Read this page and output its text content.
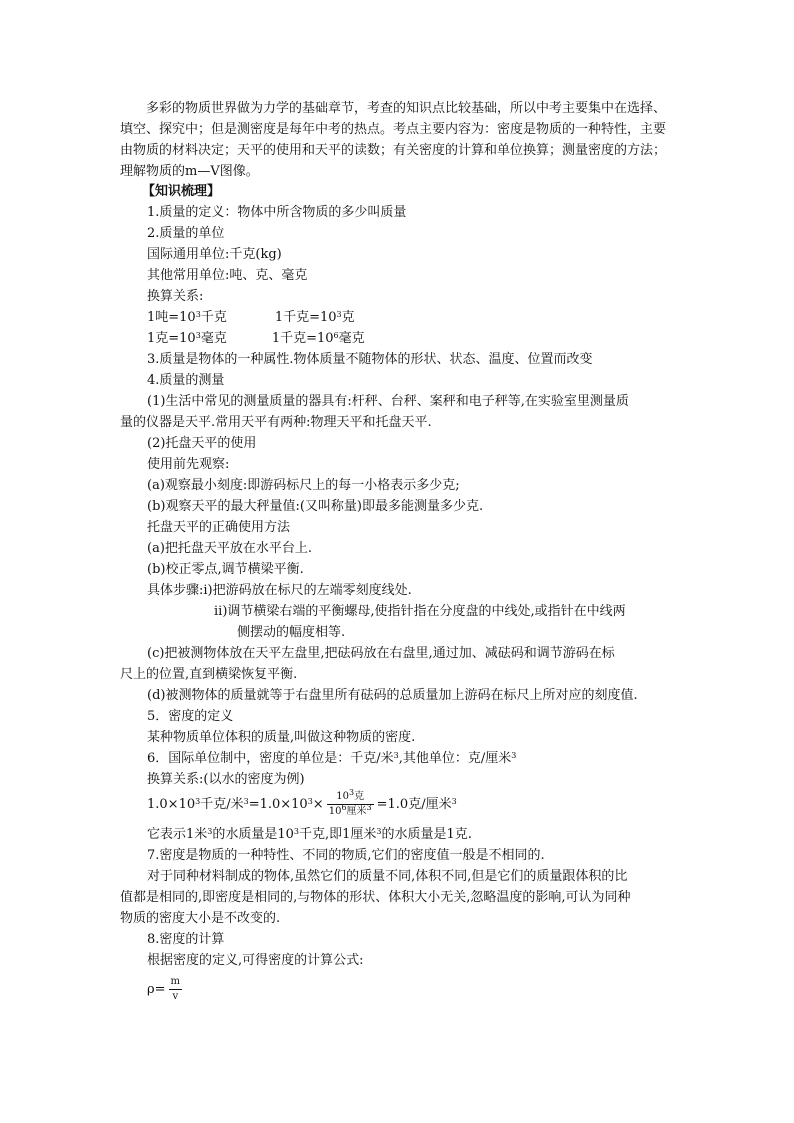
多彩的物质世界做为力学的基础章节，考查的知识点比较基础，所以中考主要集中在选择、填空、探究中；但是测密度是每年中考的热点。考点主要内容为：密度是物质的一种特性，主要由物质的材料决定；天平的使用和天平的读数；有关密度的计算和单位换算；测量密度的方法；理解物质的m—V图像。

【知识梳理】

1.质量的定义：物体中所含物质的多少叫质量

2.质量的单位

国际通用单位:千克(kg)

其他常用单位:吨、克、毫克

换算关系:

1吨$=10^3$千克	1千克$=10^3$克

1克$=10^3$毫克	1千克$=10^6$毫克

3.质量是物体的一种属性.物体质量不随物体的形状、状态、温度、位置而改变

4.质量的测量

(1)生活中常见的测量质量的器具有:杆秤、台秤、案秤和电子秤等,在实验室里测量质

量的仪器是天平.常用天平有两种:物理天平和托盘天平.

(2)托盘天平的使用

使用前先观察:

(a)观察最小刻度:即游码标尺上的每一小格表示多少克;

(b)观察天平的最大秤量值:(又叫称量)即最多能测量多少克.

托盘天平的正确使用方法

(a)把托盘天平放在水平台上.

(b)校正零点,调节横梁平衡.

具体步骤:i)把游码放在标尺的左端零刻度线处.

ii)调节横梁右端的平衡螺母,使指针指在分度盘的中线处,或指针在中线两

侧摆动的幅度相等.

(c)把被测物体放在天平左盘里,把砝码放在右盘里,通过加、减砝码和调节游码在标

尺上的位置,直到横梁恢复平衡.

(d)被测物体的质量就等于右盘里所有砝码的总质量加上游码在标尺上所对应的刻度值.

5．密度的定义

某种物质单位体积的质量,叫做这种物质的密度.

6．国际单位制中，密度的单位是：千克/米$^3$,其他单位：克/厘米$^3$

换算关系:(以水的密度为例)

$1.0\times 10^3$千克/米$^3=1.0\times 10^3\times \frac{10^3克}{10^6厘米^3} =1.0$克/厘米$^3$

它表示1米$^3$的水质量是$10^3$千克,即1厘米$^3$的水质量是1克.

7.密度是物质的一种特性、不同的物质,它们的密度值一般是不相同的.

对于同种材料制成的物体,虽然它们的质量不同,体积不同,但是它们的质量跟体积的比

值都是相同的,即密度是相同的,与物体的形状、体积大小无关,忽略温度的影响,可认为同种

物质的密度大小是不改变的.

8.密度的计算

根据密度的定义,可得密度的计算公式:

$\rho= \frac{m}{v}$
